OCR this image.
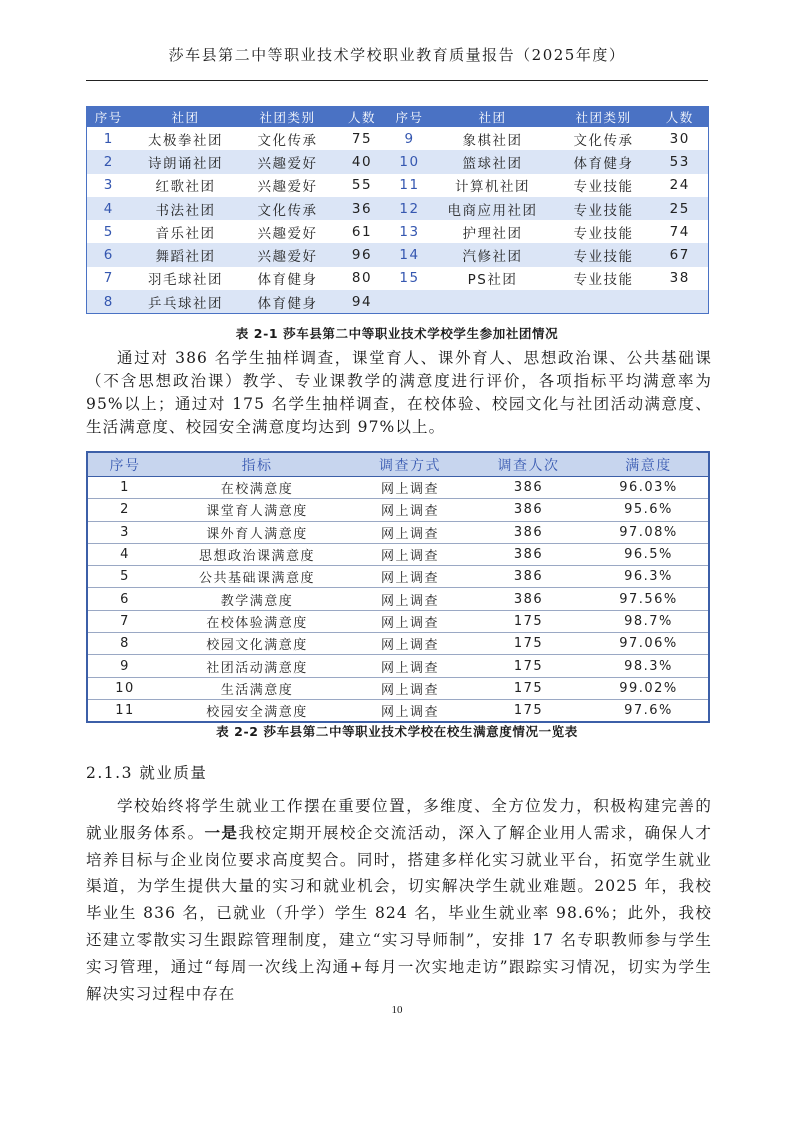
莎车县第二中等职业技术学校职业教育质量报告（2025年度）
序号	社团	社团类别	人数	序号	社团	社团类别	人数
1	太极拳社团	文化传承	75	9	象棋社团	文化传承	30
2	诗朗诵社团	兴趣爱好	40	10	篮球社团	体育健身	53
3	红歌社团	兴趣爱好	55	11	计算机社团	专业技能	24
4	书法社团	文化传承	36	12	电商应用社团	专业技能	25
5	音乐社团	兴趣爱好	61	13	护理社团	专业技能	74
6	舞蹈社团	兴趣爱好	96	14	汽修社团	专业技能	67
7	羽毛球社团	体育健身	80	15	PS社团	专业技能	38
8	乒乓球社团	体育健身	94				
表 2-1 莎车县第二中等职业技术学校学生参加社团情况

通过对 386 名学生抽样调查，课堂育人、课外育人、思想政治课、公共基础课（不含思想政治课）教学、专业课教学的满意度进行评价，各项指标平均满意率为 95%以上；通过对 175 名学生抽样调查，在校体验、校园文化与社团活动满意度、生活满意度、校园安全满意度均达到 97%以上。

序号	指标	调查方式	调查人次	满意度
1	在校满意度	网上调查	386	96.03%
2	课堂育人满意度	网上调查	386	95.6%
3	课外育人满意度	网上调查	386	97.08%
4	思想政治课满意度	网上调查	386	96.5%
5	公共基础课满意度	网上调查	386	96.3%
6	教学满意度	网上调查	386	97.56%
7	在校体验满意度	网上调查	175	98.7%
8	校园文化满意度	网上调查	175	97.06%
9	社团活动满意度	网上调查	175	98.3%
10	生活满意度	网上调查	175	99.02%
11	校园安全满意度	网上调查	175	97.6%
表 2-2 莎车县第二中等职业技术学校在校生满意度情况一览表
2.1.3 就业质量

学校始终将学生就业工作摆在重要位置，多维度、全方位发力，积极构建完善的就业服务体系。一是我校定期开展校企交流活动，深入了解企业用人需求，确保人才培养目标与企业岗位要求高度契合。同时，搭建多样化实习就业平台，拓宽学生就业渠道，为学生提供大量的实习和就业机会，切实解决学生就业难题。2025 年，我校毕业生 836 名，已就业（升学）学生 824 名，毕业生就业率 98.6%；此外，我校还建立零散实习生跟踪管理制度，建立“实习导师制”，安排 17 名专职教师参与学生实习管理，通过“每周一次线上沟通+每月一次实地走访”跟踪实习情况，切实为学生解决实习过程中存在

10
